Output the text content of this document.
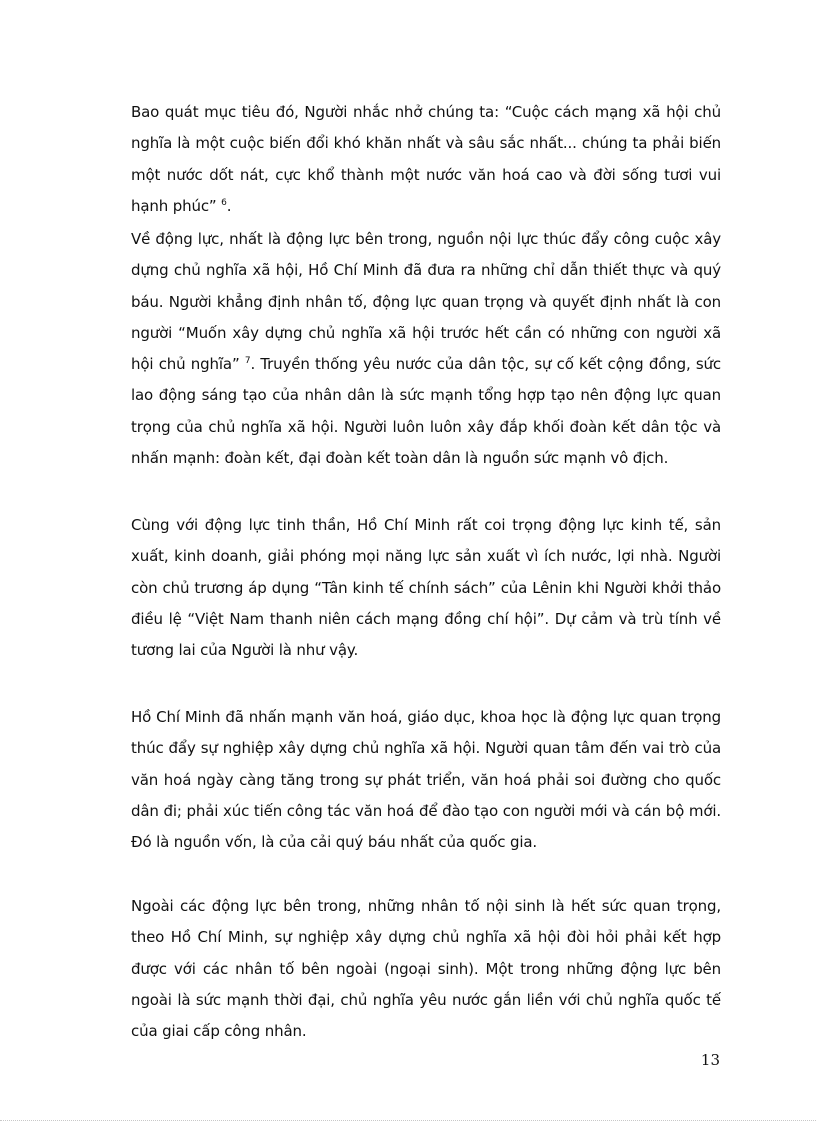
Bao quát mục tiêu đó, Người nhắc nhở chúng ta: “Cuộc cách mạng xã hội chủ nghĩa là một cuộc biến đổi khó khăn nhất và sâu sắc nhất... chúng ta phải biến một nước dốt nát, cực khổ thành một nước văn hoá cao và đời sống tươi vui hạnh phúc” $^6$.

Về động lực, nhất là động lực bên trong, nguồn nội lực thúc đẩy công cuộc xây dựng chủ nghĩa xã hội, Hồ Chí Minh đã đưa ra những chỉ dẫn thiết thực và quý báu. Người khẳng định nhân tố, động lực quan trọng và quyết định nhất là con người “Muốn xây dựng chủ nghĩa xã hội trước hết cần có những con người xã hội chủ nghĩa” $^7$. Truyền thống yêu nước của dân tộc, sự cố kết cộng đồng, sức lao động sáng tạo của nhân dân là sức mạnh tổng hợp tạo nên động lực quan trọng của chủ nghĩa xã hội. Người luôn luôn xây đắp khối đoàn kết dân tộc và nhấn mạnh: đoàn kết, đại đoàn kết toàn dân là nguồn sức mạnh vô địch.

Cùng với động lực tinh thần, Hồ Chí Minh rất coi trọng động lực kinh tế, sản xuất, kinh doanh, giải phóng mọi năng lực sản xuất vì ích nước, lợi nhà. Người còn chủ trương áp dụng “Tân kinh tế chính sách” của Lênin khi Người khởi thảo điều lệ “Việt Nam thanh niên cách mạng đồng chí hội”. Dự cảm và trù tính về tương lai của Người là như vậy.

Hồ Chí Minh đã nhấn mạnh văn hoá, giáo dục, khoa học là động lực quan trọng thúc đẩy sự nghiệp xây dựng chủ nghĩa xã hội. Người quan tâm đến vai trò của văn hoá ngày càng tăng trong sự phát triển, văn hoá phải soi đường cho quốc dân đi; phải xúc tiến công tác văn hoá để đào tạo con người mới và cán bộ mới. Đó là nguồn vốn, là của cải quý báu nhất của quốc gia.

Ngoài các động lực bên trong, những nhân tố nội sinh là hết sức quan trọng, theo Hồ Chí Minh, sự nghiệp xây dựng chủ nghĩa xã hội đòi hỏi phải kết hợp được với các nhân tố bên ngoài (ngoại sinh). Một trong những động lực bên ngoài là sức mạnh thời đại, chủ nghĩa yêu nước gắn liền với chủ nghĩa quốc tế của giai cấp công nhân.

13
